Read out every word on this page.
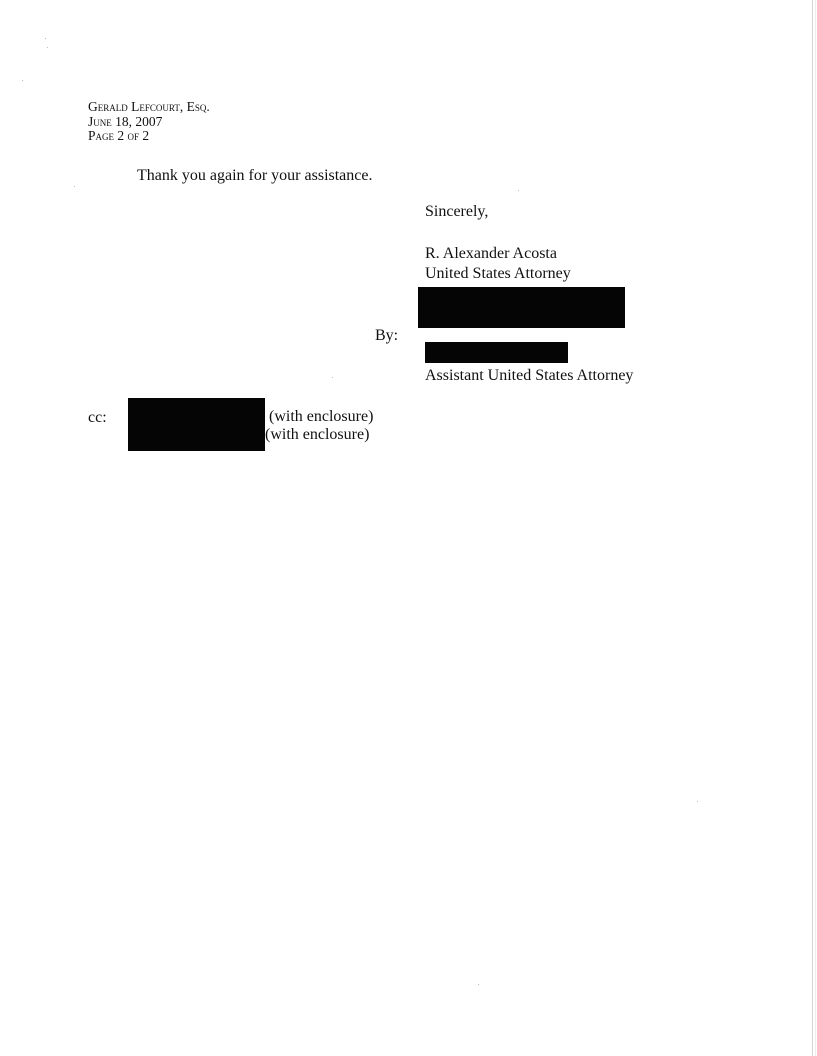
Gerald Lefcourt, Esq.
June 18, 2007
Page 2 of 2
Thank you again for your assistance.
Sincerely,
R. Alexander Acosta
United States Attorney
By:
Assistant United States Attorney
cc:	(with enclosure)
(with enclosure)
